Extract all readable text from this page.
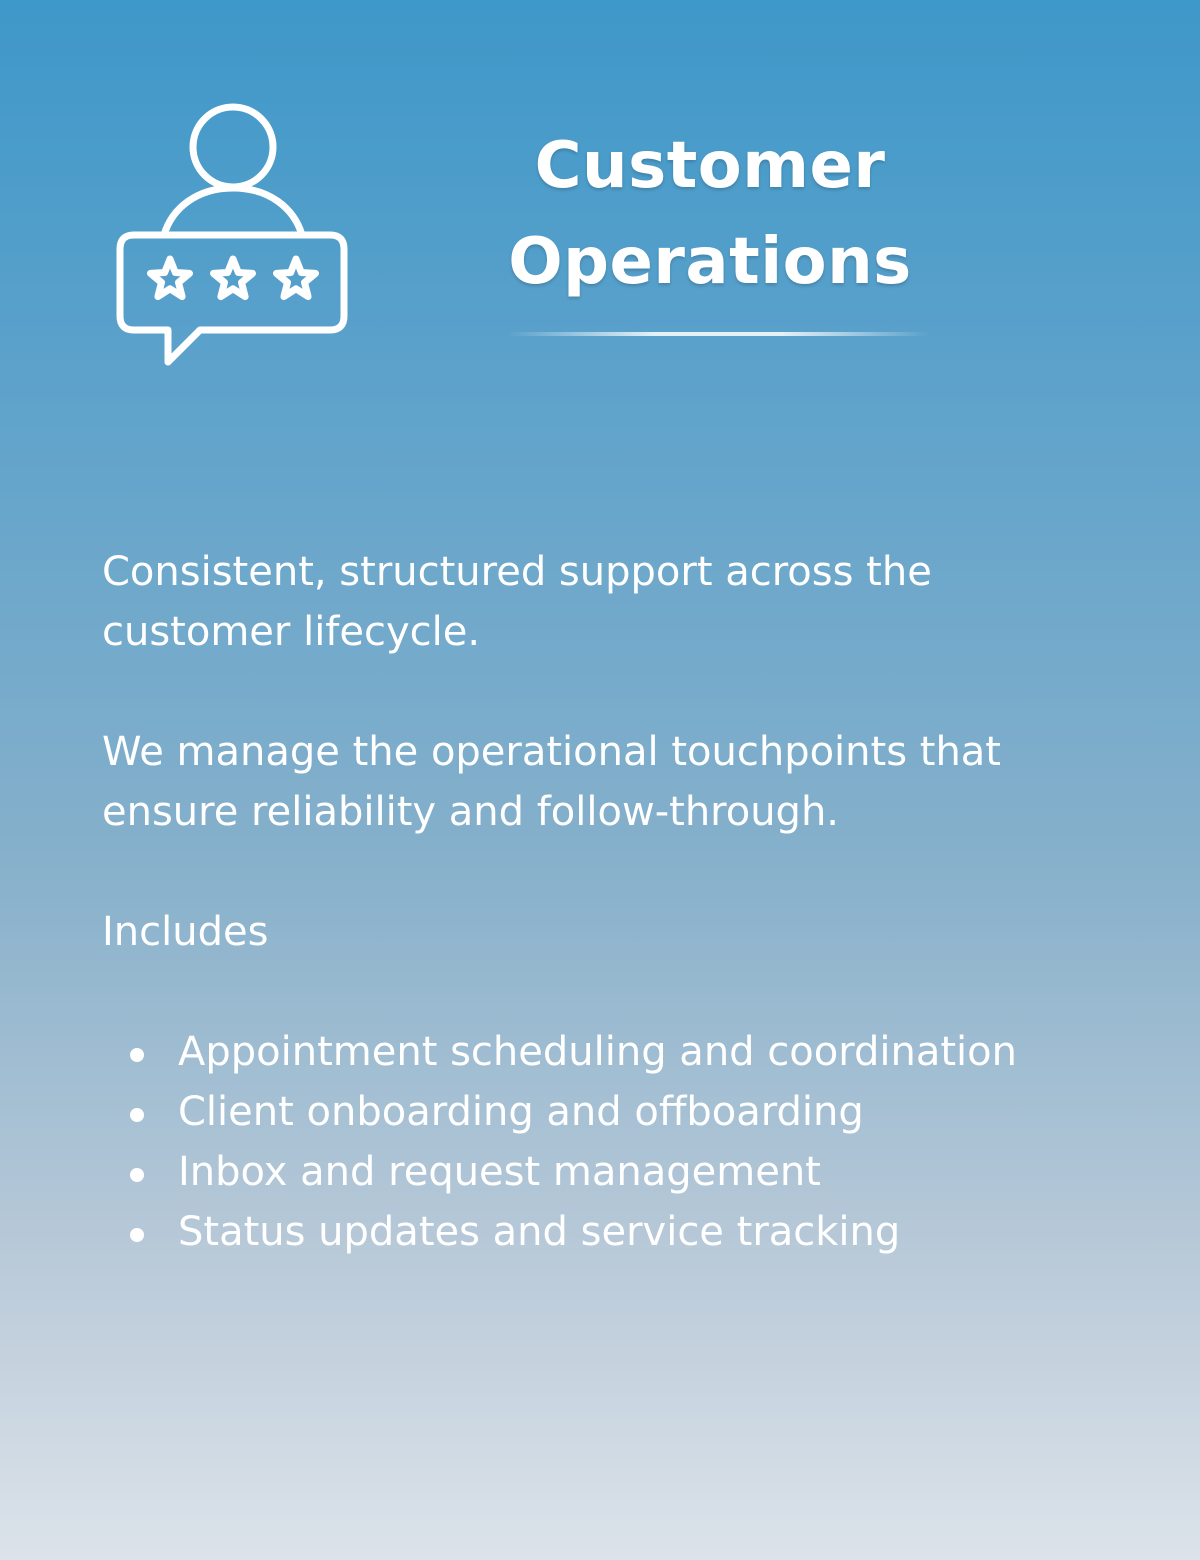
Customer
Operations

Consistent, structured support across the customer lifecycle.

We manage the operational touchpoints that ensure reliability and follow-through.

Includes
Appointment scheduling and coordination
Client onboarding and offboarding
Inbox and request management
Status updates and service tracking
